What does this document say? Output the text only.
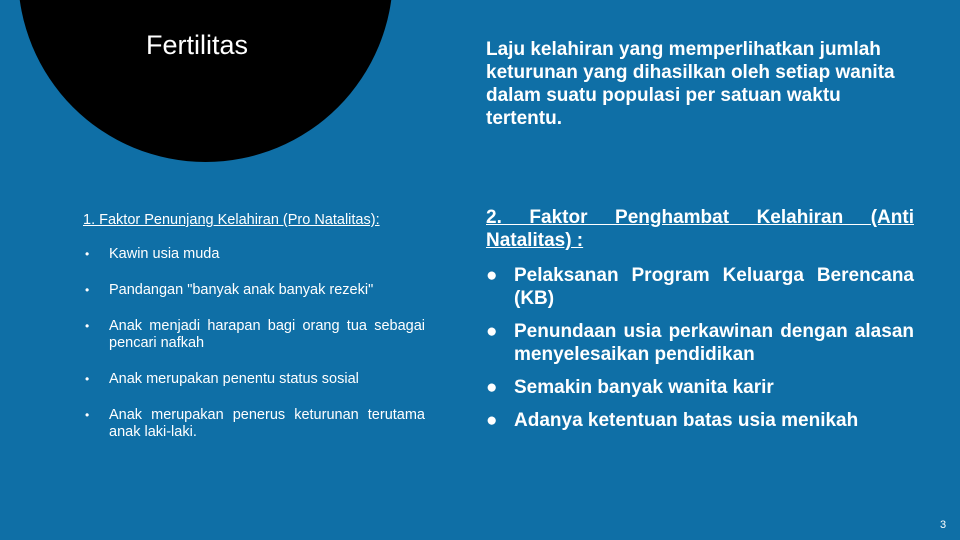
Fertilitas	Laju kelahiran yang memperlihatkan jumlah keturunan yang dihasilkan oleh setiap wanita dalam suatu populasi per satuan waktu tertentu.

1. Faktor Penunjang Kelahiran (Pro Natalitas):

• Kawin usia muda
• Pandangan "banyak anak banyak rezeki"
• Anak menjadi harapan bagi orang tua sebagai pencari nafkah
• Anak merupakan penentu status sosial
• Anak merupakan penerus keturunan terutama anak laki-laki.

2. Faktor Penghambat Kelahiran (Anti Natalitas) :

● Pelaksanan Program Keluarga Berencana (KB)
● Penundaan usia perkawinan dengan alasan menyelesaikan pendidikan
● Semakin banyak wanita karir
● Adanya ketentuan batas usia menikah
3
